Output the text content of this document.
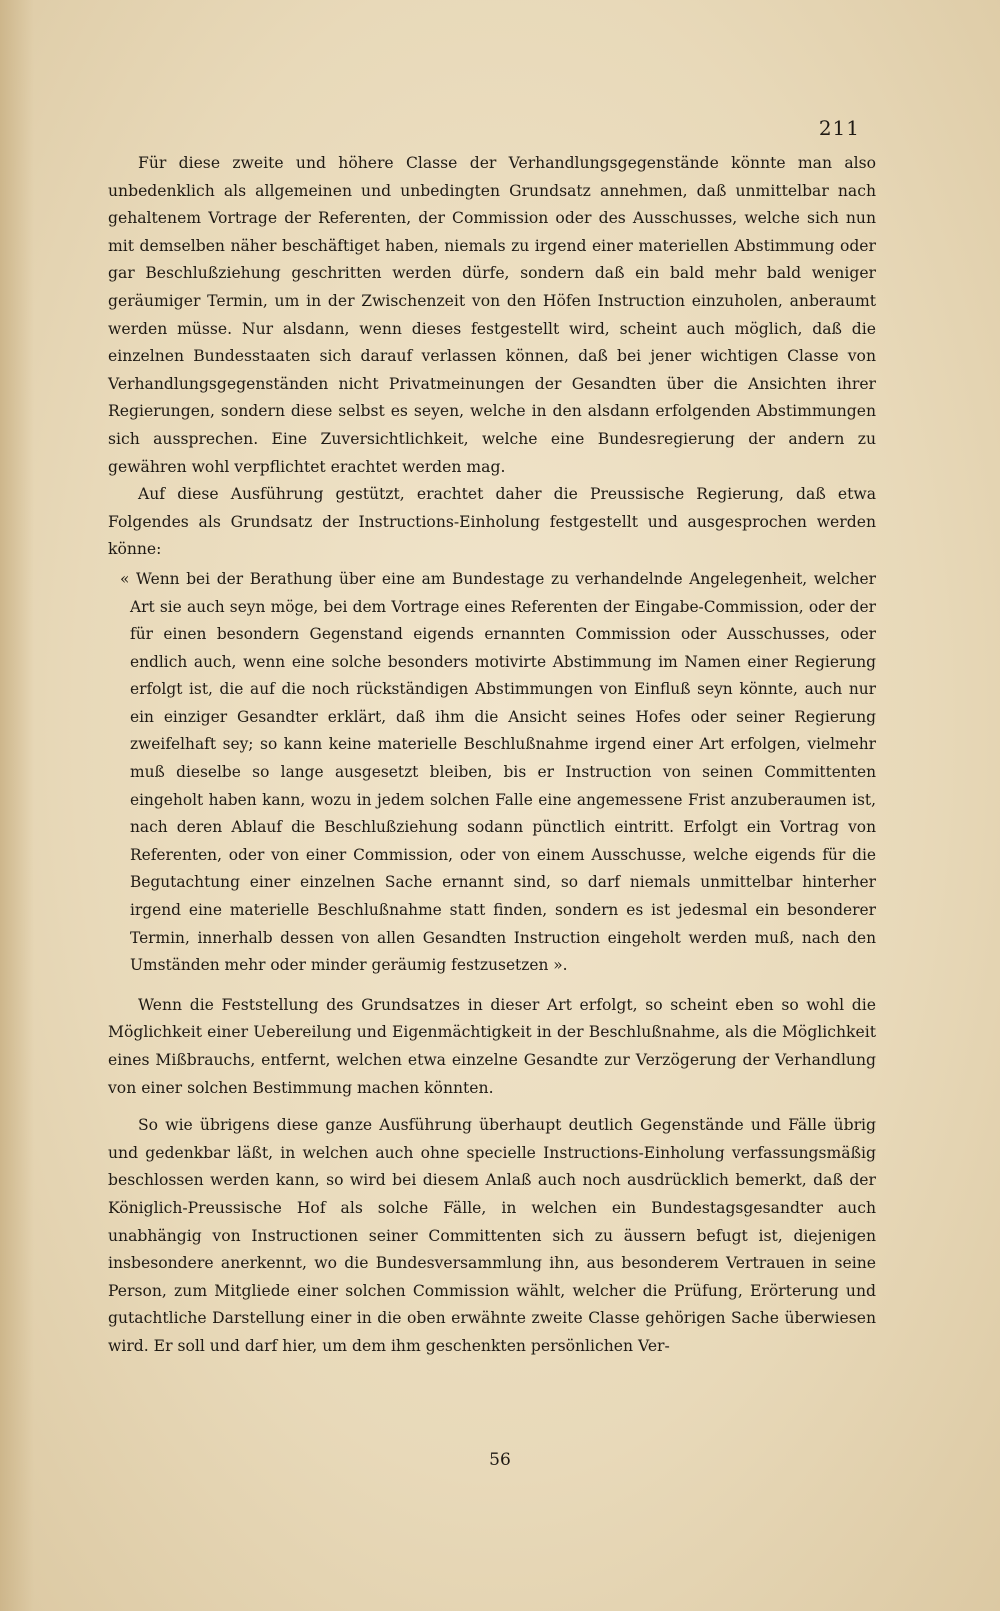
211

Für diese zweite und höhere Classe der Verhandlungsgegenstände könnte man also unbedenklich als allgemeinen und unbedingten Grundsatz annehmen, daß unmittelbar nach gehaltenem Vortrage der Referenten, der Commission oder des Ausschusses, welche sich nun mit demselben näher beschäftiget haben, niemals zu irgend einer materiellen Abstimmung oder gar Beschlußziehung geschritten werden dürfe, sondern daß ein bald mehr bald weniger geräumiger Termin, um in der Zwischenzeit von den Höfen Instruction einzuholen, anberaumt werden müsse. Nur alsdann, wenn dieses festgestellt wird, scheint auch möglich, daß die einzelnen Bundesstaaten sich darauf verlassen können, daß bei jener wichtigen Classe von Verhandlungsgegenständen nicht Privatmeinungen der Gesandten über die Ansichten ihrer Regierungen, sondern diese selbst es seyen, welche in den alsdann erfolgenden Abstimmungen sich aussprechen. Eine Zuversichtlichkeit, welche eine Bundesregierung der andern zu gewähren wohl verpflichtet erachtet werden mag.

Auf diese Ausführung gestützt, erachtet daher die Preussische Regierung, daß etwa Folgendes als Grundsatz der Instructions-Einholung festgestellt und ausgesprochen werden könne:

« Wenn bei der Berathung über eine am Bundestage zu verhandelnde Angelegenheit, welcher Art sie auch seyn möge, bei dem Vortrage eines Referenten der Eingabe-Commission, oder der für einen besondern Gegenstand eigends ernannten Commission oder Ausschusses, oder endlich auch, wenn eine solche besonders motivirte Abstimmung im Namen einer Regierung erfolgt ist, die auf die noch rückständigen Abstimmungen von Einfluß seyn könnte, auch nur ein einziger Gesandter erklärt, daß ihm die Ansicht seines Hofes oder seiner Regierung zweifelhaft sey; so kann keine materielle Beschlußnahme irgend einer Art erfolgen, vielmehr muß dieselbe so lange ausgesetzt bleiben, bis er Instruction von seinen Committenten eingeholt haben kann, wozu in jedem solchen Falle eine angemessene Frist anzuberaumen ist, nach deren Ablauf die Beschlußziehung sodann pünctlich eintritt. Erfolgt ein Vortrag von Referenten, oder von einer Commission, oder von einem Ausschusse, welche eigends für die Begutachtung einer einzelnen Sache ernannt sind, so darf niemals unmittelbar hinterher irgend eine materielle Beschlußnahme statt finden, sondern es ist jedesmal ein besonderer Termin, innerhalb dessen von allen Gesandten Instruction eingeholt werden muß, nach den Umständen mehr oder minder geräumig festzusetzen ».

Wenn die Feststellung des Grundsatzes in dieser Art erfolgt, so scheint eben so wohl die Möglichkeit einer Uebereilung und Eigenmächtigkeit in der Beschlußnahme, als die Möglichkeit eines Mißbrauchs, entfernt, welchen etwa einzelne Gesandte zur Verzögerung der Verhandlung von einer solchen Bestimmung machen könnten.

So wie übrigens diese ganze Ausführung überhaupt deutlich Gegenstände und Fälle übrig und gedenkbar läßt, in welchen auch ohne specielle Instructions-Einholung verfassungsmäßig beschlossen werden kann, so wird bei diesem Anlaß auch noch ausdrücklich bemerkt, daß der Königlich-Preussische Hof als solche Fälle, in welchen ein Bundestagsgesandter auch unabhängig von Instructionen seiner Committenten sich zu äussern befugt ist, diejenigen insbesondere anerkennt, wo die Bundesversammlung ihn, aus besonderem Vertrauen in seine Person, zum Mitgliede einer solchen Commission wählt, welcher die Prüfung, Erörterung und gutachtliche Darstellung einer in die oben erwähnte zweite Classe gehörigen Sache überwiesen wird. Er soll und darf hier, um dem ihm geschenkten persönlichen Ver-

56
